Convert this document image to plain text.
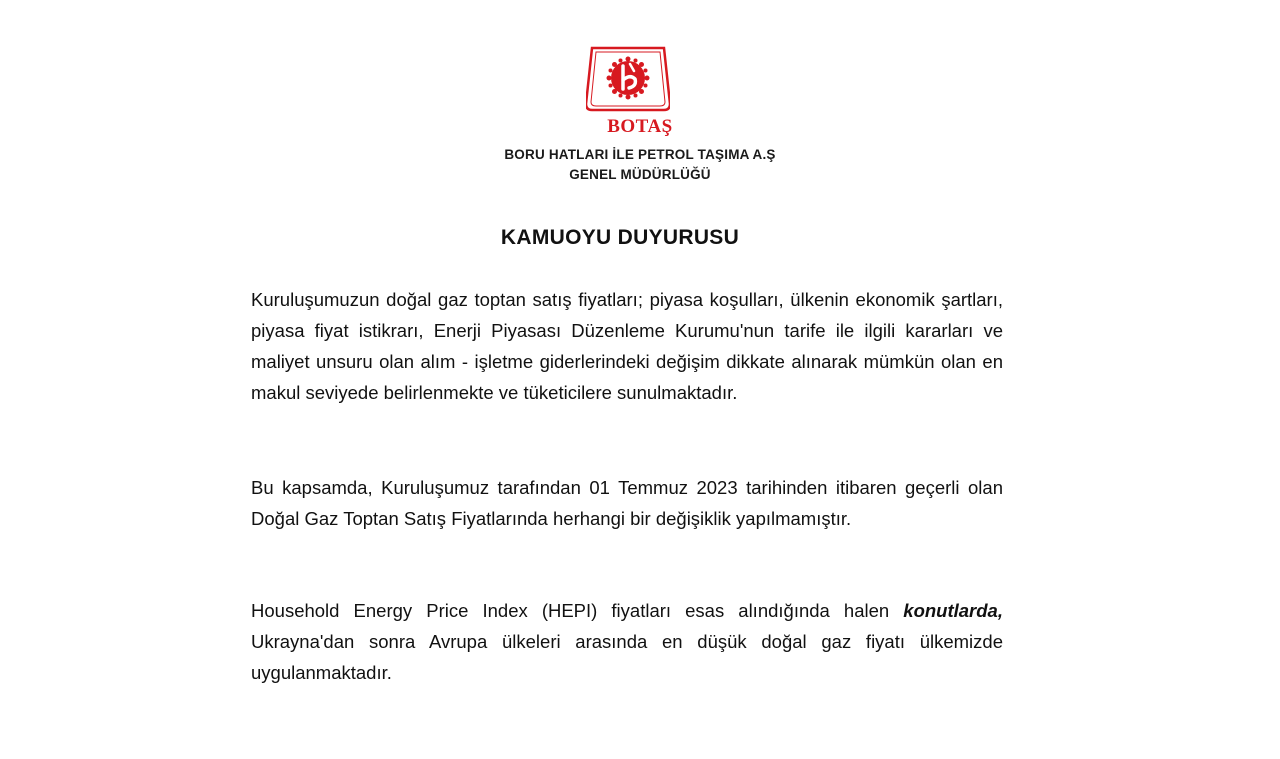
BOTAŞ
BORU HATLARI İLE PETROL TAŞIMA A.Ş
GENEL MÜDÜRLÜĞÜ
KAMUOYU DUYURUSU

Kuruluşumuzun doğal gaz toptan satış fiyatları; piyasa koşulları, ülkenin ekonomik şartları, piyasa fiyat istikrarı, Enerji Piyasası Düzenleme Kurumu'nun tarife ile ilgili kararları ve maliyet unsuru olan alım - işletme giderlerindeki değişim dikkate alınarak mümkün olan en makul seviyede belirlenmekte ve tüketicilere sunulmaktadır.

Bu kapsamda, Kuruluşumuz tarafından 01 Temmuz 2023 tarihinden itibaren geçerli olan Doğal Gaz Toptan Satış Fiyatlarında herhangi bir değişiklik yapılmamıştır.

Household Energy Price Index (HEPI) fiyatları esas alındığında halen konutlarda, Ukrayna'dan sonra Avrupa ülkeleri arasında en düşük doğal gaz fiyatı ülkemizde uygulanmaktadır.
